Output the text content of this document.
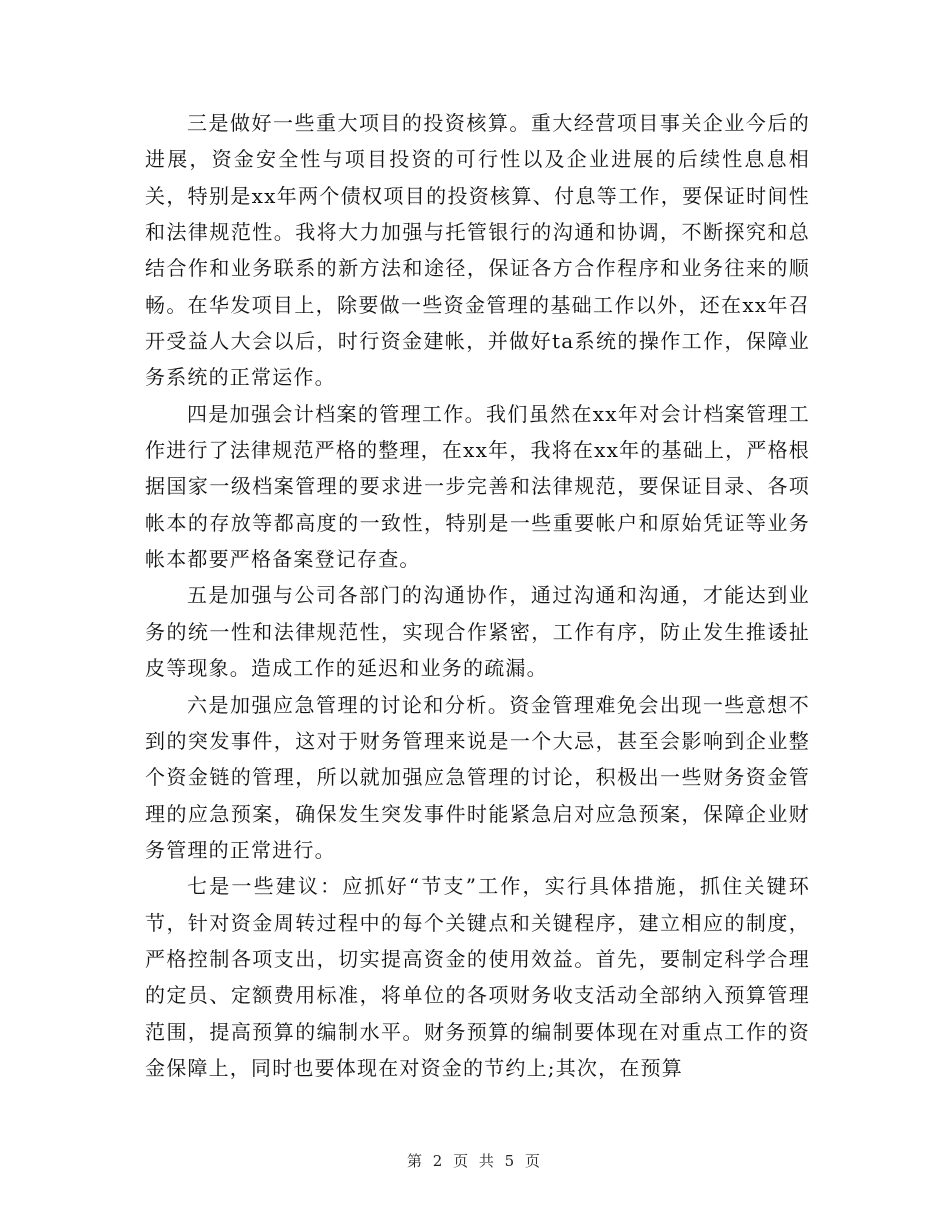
三是做好一些重大项目的投资核算。重大经营项目事关企业今后的进展，资金安全性与项目投资的可行性以及企业进展的后续性息息相关，特别是xx年两个债权项目的投资核算、付息等工作，要保证时间性和法律规范性。我将大力加强与托管银行的沟通和协调，不断探究和总结合作和业务联系的新方法和途径，保证各方合作程序和业务往来的顺畅。在华发项目上，除要做一些资金管理的基础工作以外，还在xx年召开受益人大会以后，时行资金建帐，并做好ta系统的操作工作，保障业务系统的正常运作。

四是加强会计档案的管理工作。我们虽然在xx年对会计档案管理工作进行了法律规范严格的整理，在xx年，我将在xx年的基础上，严格根据国家一级档案管理的要求进一步完善和法律规范，要保证目录、各项帐本的存放等都高度的一致性，特别是一些重要帐户和原始凭证等业务帐本都要严格备案登记存查。

五是加强与公司各部门的沟通协作，通过沟通和沟通，才能达到业务的统一性和法律规范性，实现合作紧密，工作有序，防止发生推诿扯皮等现象。造成工作的延迟和业务的疏漏。

六是加强应急管理的讨论和分析。资金管理难免会出现一些意想不到的突发事件，这对于财务管理来说是一个大忌，甚至会影响到企业整个资金链的管理，所以就加强应急管理的讨论，积极出一些财务资金管理的应急预案，确保发生突发事件时能紧急启对应急预案，保障企业财务管理的正常进行。

七是一些建议：应抓好“节支”工作，实行具体措施，抓住关键环节，针对资金周转过程中的每个关键点和关键程序，建立相应的制度，严格控制各项支出，切实提高资金的使用效益。首先，要制定科学合理的定员、定额费用标准，将单位的各项财务收支活动全部纳入预算管理范围，提高预算的编制水平。财务预算的编制要体现在对重点工作的资金保障上，同时也要体现在对资金的节约上;其次，在预算

第 2 页 共 5 页
